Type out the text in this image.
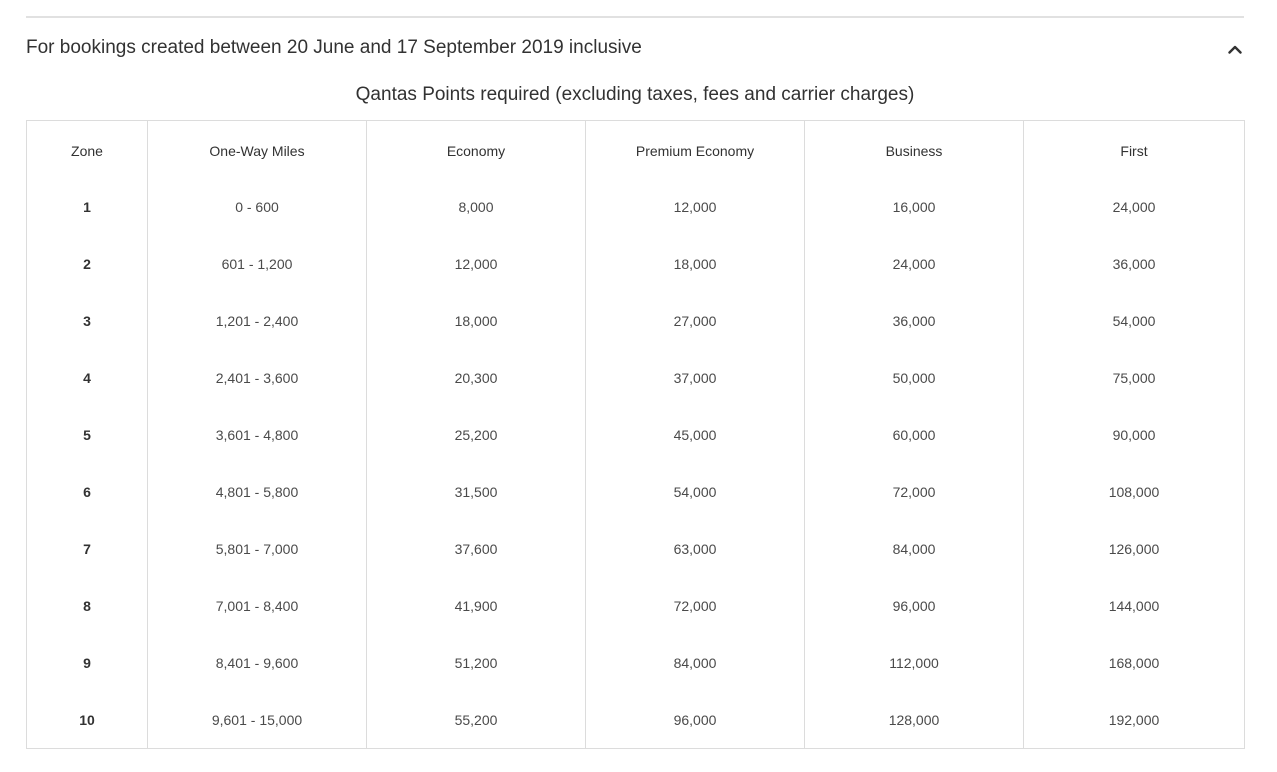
For bookings created between 20 June and 17 September 2019 inclusive
Qantas Points required (excluding taxes, fees and carrier charges)
Zone	One-Way Miles	Economy	Premium Economy	Business	First
1	0 - 600	8,000	12,000	16,000	24,000
2	601 - 1,200	12,000	18,000	24,000	36,000
3	1,201 - 2,400	18,000	27,000	36,000	54,000
4	2,401 - 3,600	20,300	37,000	50,000	75,000
5	3,601 - 4,800	25,200	45,000	60,000	90,000
6	4,801 - 5,800	31,500	54,000	72,000	108,000
7	5,801 - 7,000	37,600	63,000	84,000	126,000
8	7,001 - 8,400	41,900	72,000	96,000	144,000
9	8,401 - 9,600	51,200	84,000	112,000	168,000
10	9,601 - 15,000	55,200	96,000	128,000	192,000
